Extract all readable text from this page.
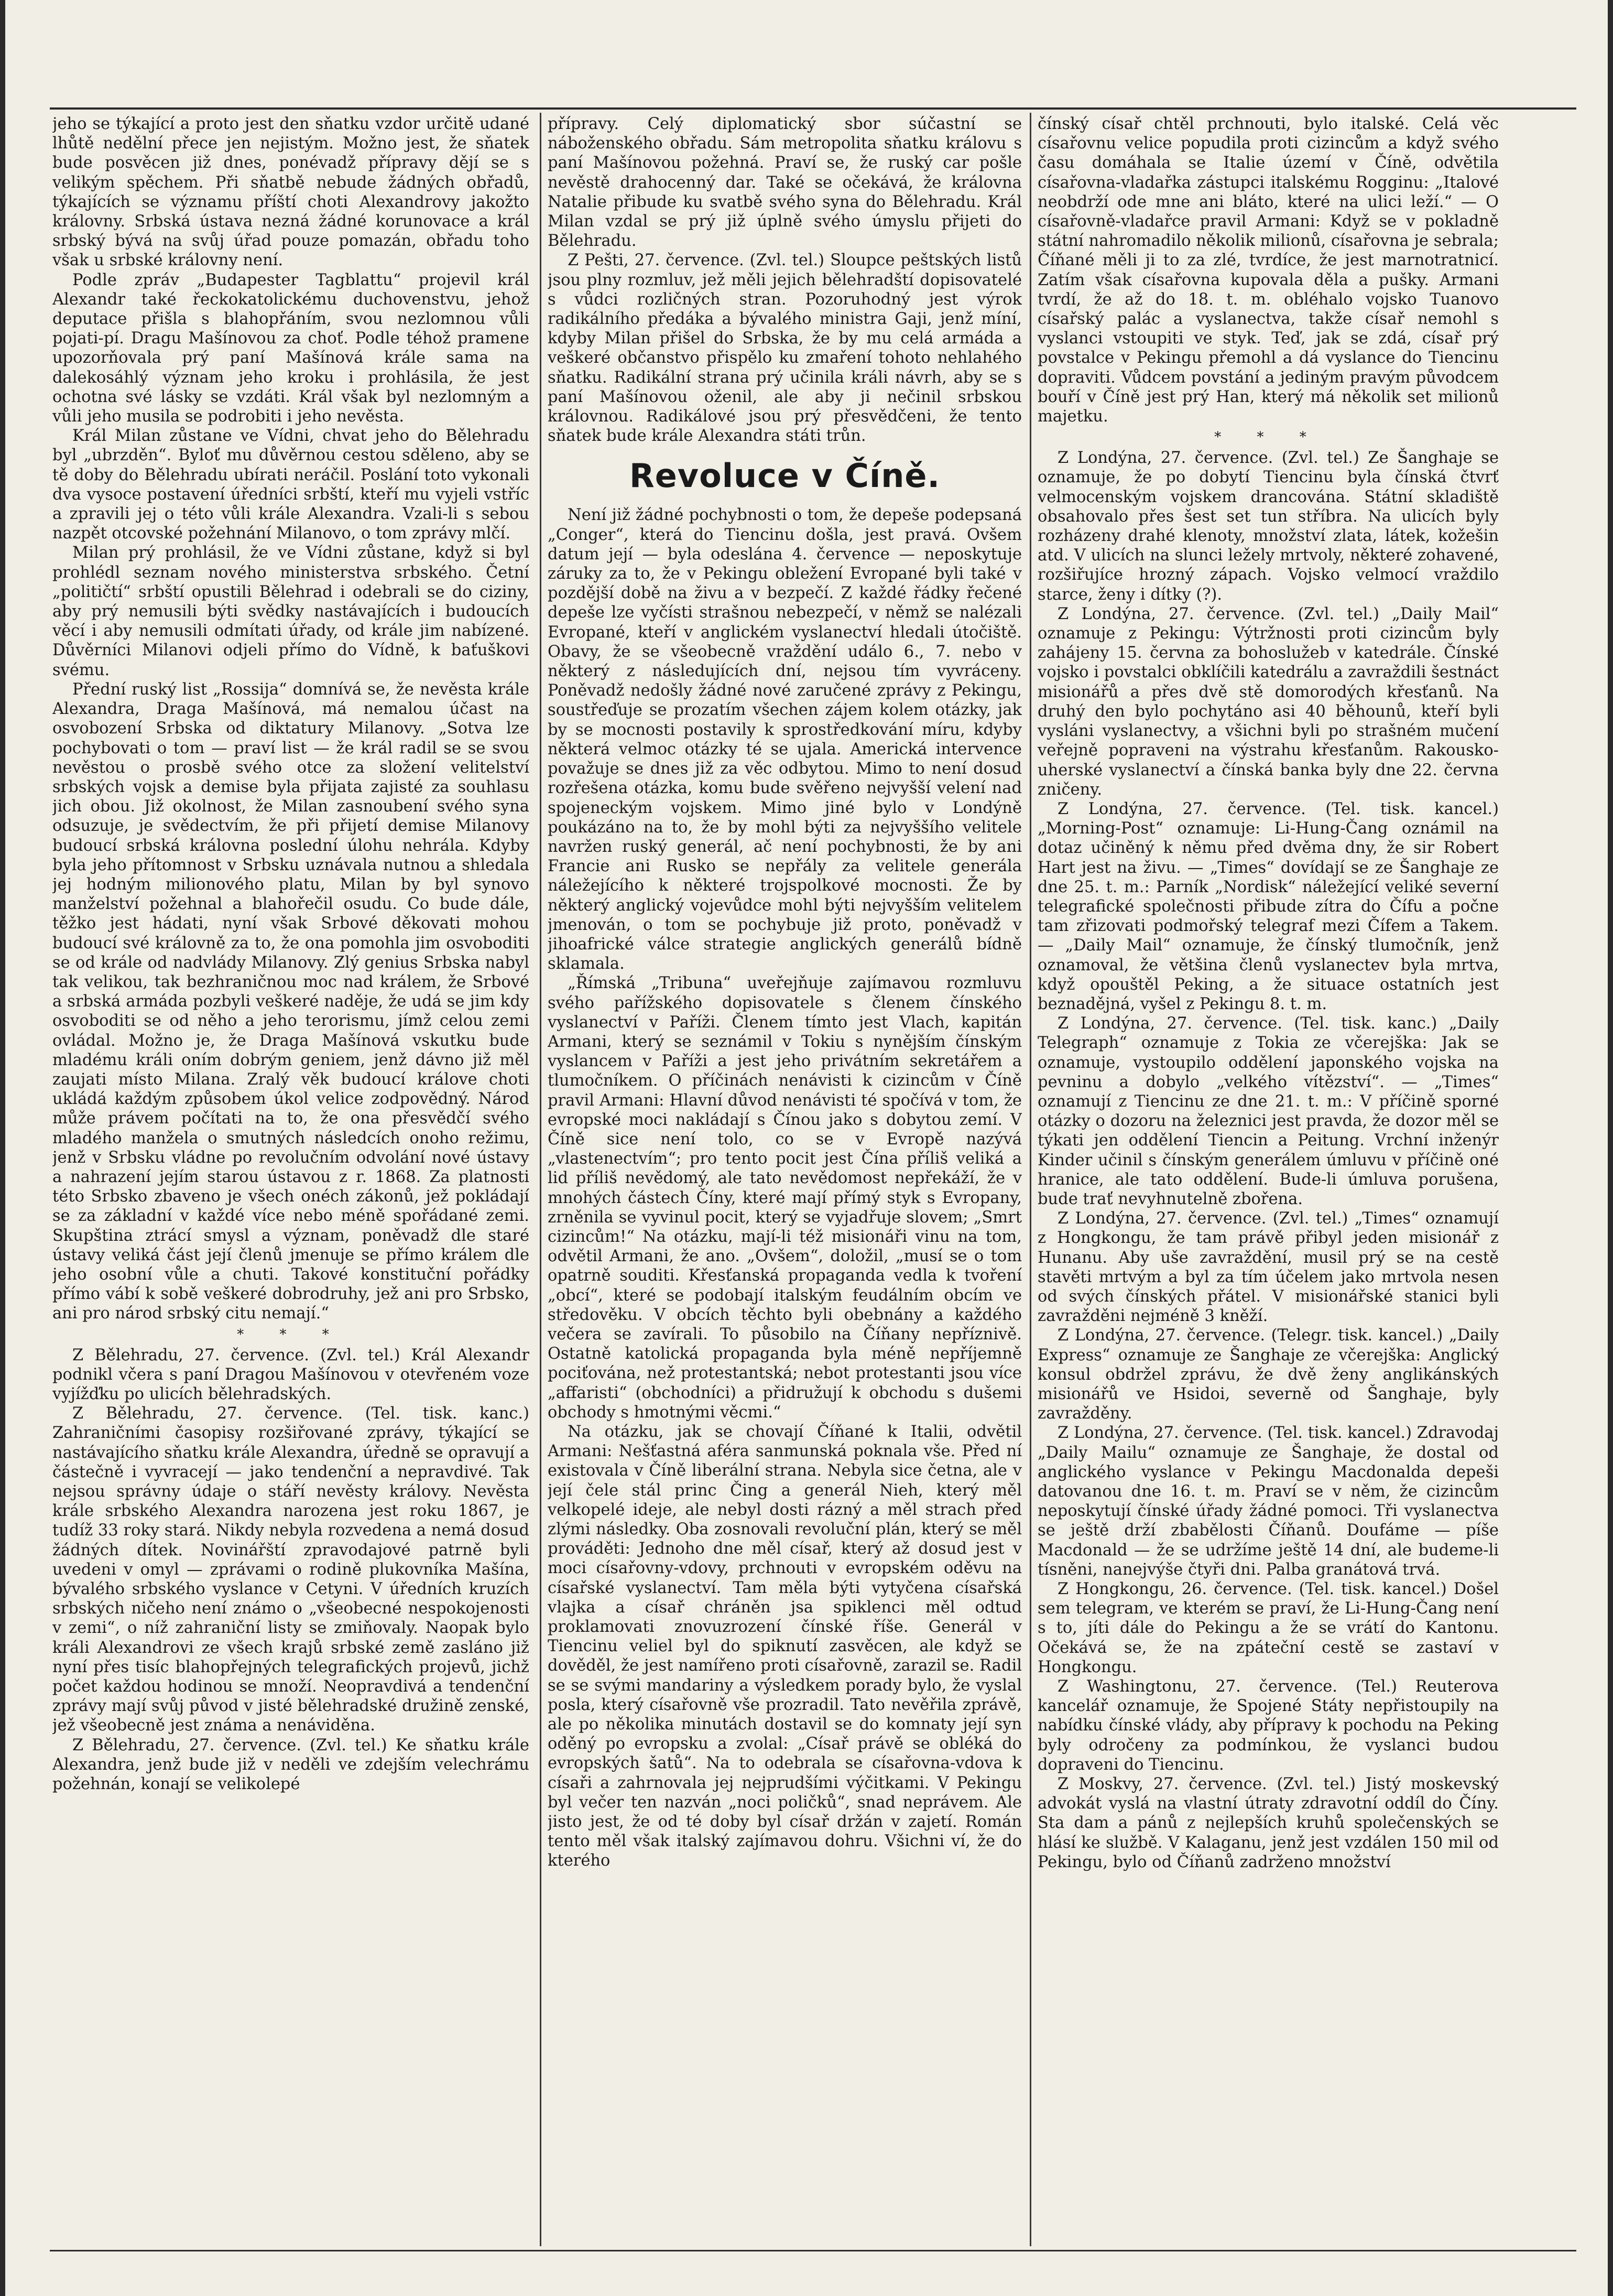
jeho se týkající a proto jest den sňatku vzdor určitě udané lhůtě nedělní přece jen nejistým. Možno jest, že sňatek bude posvěcen již dnes, ponévadž přípravy dějí se s velikým spěchem. Při sňatbě nebude žádných obřadů, týkajících se významu příští choti Alexandrovy jakožto královny. Srbská ústava nezná žádné korunovace a král srbský bývá na svůj úřad pouze pomazán, obřadu toho však u srbské královny není.

Podle zpráv „Budapester Tagblattu“ projevil král Alexandr také řeckokatolickému duchovenstvu, jehož deputace přišla s blahopřáním, svou nezlomnou vůli pojati-pí. Dragu Mašínovou za choť. Podle téhož pramene upozorňovala prý paní Mašínová krále sama na dalekosáhlý význam jeho kroku i prohlásila, že jest ochotna své lásky se vzdáti. Král však byl nezlomným a vůli jeho musila se podrobiti i jeho nevěsta.

Král Milan zůstane ve Vídni, chvat jeho do Bělehradu byl „ubrzděn“. Byloť mu důvěrnou cestou sděleno, aby se tě doby do Bělehradu ubírati neráčil. Poslání toto vykonali dva vysoce postavení úředníci srbští, kteří mu vyjeli vstříc a zpravili jej o této vůli krále Alexandra. Vzali-li s sebou nazpět otcovské požehnání Milanovo, o tom zprávy mlčí.

Milan prý prohlásil, že ve Vídni zůstane, když si byl prohlédl seznam nového ministerstva srbského. Četní „političtí“ srbští opustili Bělehrad i odebrali se do ciziny, aby prý nemusili býti svědky nastávajících i budoucích věcí i aby nemusili odmítati úřady, od krále jim nabízené. Důvěrníci Milanovi odjeli přímo do Vídně, k baťuškovi svému.

Přední ruský list „Rossija“ domnívá se, že nevěsta krále Alexandra, Draga Mašínová, má nemalou účast na osvobození Srbska od diktatury Milanovy. „Sotva lze pochybovati o tom — praví list — že král radil se se svou nevěstou o prosbě svého otce za složení velitelství srbských vojsk a demise byla přijata zajisté za souhlasu jich obou. Již okolnost, že Milan zasnoubení svého syna odsuzuje, je svědectvím, že při přijetí demise Milanovy budoucí srbská královna poslední úlohu nehrála. Kdyby byla jeho přítomnost v Srbsku uznávala nutnou a shledala jej hodným milionového platu, Milan by byl synovo manželství požehnal a blahořečil osudu. Co bude dále, těžko jest hádati, nyní však Srbové děkovati mohou budoucí své královně za to, že ona pomohla jim osvoboditi se od krále od nadvlády Milanovy. Zlý genius Srbska nabyl tak velikou, tak bezhraničnou moc nad králem, že Srbové a srbská armáda pozbyli veškeré naděje, že udá se jim kdy osvoboditi se od něho a jeho terorismu, jímž celou zemi ovládal. Možno je, že Draga Mašínová vskutku bude mladému králi oním dobrým geniem, jenž dávno již měl zaujati místo Milana. Zralý věk budoucí králove choti ukládá každým způsobem úkol velice zodpovědný. Národ může právem počítati na to, že ona přesvědčí svého mladého manžela o smutných následcích onoho režimu, jenž v Srbsku vládne po revolučním odvolání nové ústavy a nahrazení jejím starou ústavou z r. 1868. Za platnosti této Srbsko zbaveno je všech onéch zákonů, jež pokládají se za základní v každé více nebo méně spořádané zemi. Skupština ztrácí smysl a význam, poněvadž dle staré ústavy veliká část její členů jmenuje se přímo králem dle jeho osobní vůle a chuti. Takové konstituční pořádky přímo vábí k sobě veškeré dobrodruhy, jež ani pro Srbsko, ani pro národ srbský citu nemají.“

* * *

Z Bělehradu, 27. července. (Zvl. tel.) Král Alexandr podnikl včera s paní Dragou Mašínovou v otevřeném voze vyjížďku po ulicích bělehradských.

Z Bělehradu, 27. července. (Tel. tisk. kanc.) Zahraničními časopisy rozšiřované zprávy, týkající se nastávajícího sňatku krále Alexandra, úředně se opravují a částečně i vyvracejí — jako tendenční a nepravdivé. Tak nejsou správny údaje o stáří nevěsty královy. Nevěsta krále srbského Alexandra narozena jest roku 1867, je tudíž 33 roky stará. Nikdy nebyla rozvedena a nemá dosud žádných dítek. Novinářští zpravodajové patrně byli uvedeni v omyl — zprávami o rodině plukovníka Mašína, bývalého srbského vyslance v Cetyni. V úředních kruzích srbských ničeho není známo o „všeobecné nespokojenosti v zemi“, o níž zahraniční listy se zmiňovaly. Naopak bylo králi Alexandrovi ze všech krajů srbské země zasláno již nyní přes tisíc blahopřejných telegrafických projevů, jichž počet každou hodinou se množí. Neopravdivá a tendenční zprávy mají svůj původ v jisté bělehradské družině zenské, jež všeobecně jest známa a nenáviděna.

Z Bělehradu, 27. července. (Zvl. tel.) Ke sňatku krále Alexandra, jenž bude již v neděli ve zdejším velechrámu požehnán, konají se velikolepé

přípravy. Celý diplomatický sbor súčastní se náboženského obřadu. Sám metropolita sňatku královu s paní Mašínovou požehná. Praví se, že ruský car pošle nevěstě drahocenný dar. Také se očekává, že královna Natalie přibude ku svatbě svého syna do Bělehradu. Král Milan vzdal se prý již úplně svého úmyslu přijeti do Bělehradu.

Z Pešti, 27. července. (Zvl. tel.) Sloupce peštských listů jsou plny rozmluv, jež měli jejich bělehradští dopisovatelé s vůdci rozličných stran. Pozoruhodný jest výrok radikálního předáka a bývalého ministra Gaji, jenž míní, kdyby Milan přišel do Srbska, že by mu celá armáda a veškeré občanstvo přispělo ku zmaření tohoto nehlahého sňatku. Radikální strana prý učinila králi návrh, aby se s paní Mašínovou oženil, ale aby ji nečinil srbskou královnou. Radikálové jsou prý přesvědčeni, že tento sňatek bude krále Alexandra státi trůn.

Revoluce v Číně.

Není již žádné pochybnosti o tom, že depeše podepsaná „Conger“, která do Tiencinu došla, jest pravá. Ovšem datum její — byla odeslána 4. července — neposkytuje záruky za to, že v Pekingu obležení Evropané byli také v pozdější době na živu a v bezpečí. Z každé řádky řečené depeše lze vyčísti strašnou nebezpečí, v němž se nalézali Evropané, kteří v anglickém vyslanectví hledali útočiště. Obavy, že se všeobecně vraždění událo 6., 7. nebo v některý z následujících dní, nejsou tím vyvráceny. Poněvadž nedošly žádné nové zaručené zprávy z Pekingu, soustřeďuje se prozatím všechen zájem kolem otázky, jak by se mocnosti postavily k sprostředkování míru, kdyby některá velmoc otázky té se ujala. Americká intervence považuje se dnes již za věc odbytou. Mimo to není dosud rozřešena otázka, komu bude svěřeno nejvyšší velení nad spojeneckým vojskem. Mimo jiné bylo v Londýně poukázáno na to, že by mohl býti za nejvyššího velitele navržen ruský generál, ač není pochybnosti, že by ani Francie ani Rusko se nepřály za velitele generála náležejícího k některé trojspolkové mocnosti. Že by některý anglický vojevůdce mohl býti nejvyšším velitelem jmenován, o tom se pochybuje již proto, poněvadž v jihoafrické válce strategie anglických generálů bídně sklamala.

„Římská „Tribuna“ uveřejňuje zajímavou rozmluvu svého pařížského dopisovatele s členem čínského vyslanectví v Paříži. Členem tímto jest Vlach, kapitán Armani, který se seznámil v Tokiu s nynějším čínským vyslancem v Paříži a jest jeho privátním sekretářem a tlumočníkem. O příčinách nenávisti k cizincům v Číně pravil Armani: Hlavní důvod nenávisti té spočívá v tom, že evropské moci nakládají s Čínou jako s dobytou zemí. V Číně sice není tolo, co se v Evropě nazývá „vlastenectvím“; pro tento pocit jest Čína příliš veliká a lid příliš nevědomý, ale tato nevědomost nepřekáží, že v mnohých částech Číny, které mají přímý styk s Evropany, zrněnila se vyvinul pocit, který se vyjadřuje slovem; „Smrt cizincům!“ Na otázku, mají-li též misionáři vinu na tom, odvětil Armani, že ano. „Ovšem“, doložil, „musí se o tom opatrně souditi. Křesťanská propaganda vedla k tvoření „obcí“, které se podobají italským feudálním obcím ve středověku. V obcích těchto byli obebnány a každého večera se zavírali. To působilo na Číňany nepříznivě. Ostatně katolická propaganda byla méně nepříjemně pociťována, než protestantská; nebot protestanti jsou více „affaristi“ (obchodníci) a přidružují k obchodu s dušemi obchody s hmotnými věcmi.“

Na otázku, jak se chovají Číňané k Italii, odvětil Armani: Nešťastná aféra sanmunská poknala vše. Před ní existovala v Číně liberální strana. Nebyla sice četna, ale v její čele stál princ Čing a generál Nieh, který měl velkopelé ideje, ale nebyl dosti rázný a měl strach před zlými následky. Oba zosnovali revoluční plán, který se měl prováděti: Jednoho dne měl císař, který až dosud jest v moci císařovny-vdovy, prchnouti v evropském oděvu na císařské vyslanectví. Tam měla býti vytyčena císařská vlajka a císař chráněn jsa spiklenci měl odtud proklamovati znovuzrození čínské říše. Generál v Tiencinu veliel byl do spiknutí zasvěcen, ale když se dověděl, že jest namířeno proti císařovně, zarazil se. Radil se se svými mandariny a výsledkem porady bylo, že vyslal posla, který císařovně vše prozradil. Tato nevěřila zprávě, ale po několika minutách dostavil se do komnaty její syn oděný po evropsku a zvolal: „Císař právě se obléká do evropských šatů“. Na to odebrala se císařovna-vdova k císaři a zahrnovala jej nejprudšími výčitkami. V Pekingu byl večer ten nazván „noci poličků“, snad neprávem. Ale jisto jest, že od té doby byl císař držán v zajetí. Román tento měl však italský zajímavou dohru. Všichni ví, že do kterého

čínský císař chtěl prchnouti, bylo italské. Celá věc císařovnu velice popudila proti cizincům a když svého času domáhala se Italie území v Číně, odvětila císařovna-vladařka zástupci italskému Rogginu: „Italové neobdrží ode mne ani bláto, které na ulici leží.“ — O císařovně-vladařce pravil Armani: Když se v pokladně státní nahromadilo několik milionů, císařovna je sebrala; Číňané měli ji to za zlé, tvrdíce, že jest marnotratnicí. Zatím však císařovna kupovala děla a pušky. Armani tvrdí, že až do 18. t. m. obléhalo vojsko Tuanovo císařský palác a vyslanectva, takže císař nemohl s vyslanci vstoupiti ve styk. Teď, jak se zdá, císař prý povstalce v Pekingu přemohl a dá vyslance do Tiencinu dopraviti. Vůdcem povstání a jediným pravým původcem bouří v Číně jest prý Han, který má několik set milionů majetku.

* * *

Z Londýna, 27. července. (Zvl. tel.) Ze Šanghaje se oznamuje, že po dobytí Tiencinu byla čínská čtvrť velmocenským vojskem drancována. Státní skladiště obsahovalo přes šest set tun stříbra. Na ulicích byly rozházeny drahé klenoty, množství zlata, látek, kožešin atd. V ulicích na slunci ležely mrtvoly, některé zohavené, rozšiřujíce hrozný zápach. Vojsko velmocí vraždilo starce, ženy i dítky (?).

Z Londýna, 27. července. (Zvl. tel.) „Daily Mail“ oznamuje z Pekingu: Výtržnosti proti cizincům byly zahájeny 15. června za bohoslužeb v katedrále. Čínské vojsko i povstalci obklíčili katedrálu a zavraždili šestnáct misionářů a přes dvě stě domorodých křesťanů. Na druhý den bylo pochytáno asi 40 běhounů, kteří byli vysláni vyslanectvy, a všichni byli po strašném mučení veřejně popraveni na výstrahu křesťanům. Rakousko-uherské vyslanectví a čínská banka byly dne 22. června zničeny.

Z Londýna, 27. července. (Tel. tisk. kancel.) „Morning-Post“ oznamuje: Li-Hung-Čang oznámil na dotaz učiněný k němu před dvěma dny, že sir Robert Hart jest na živu. — „Times“ dovídají se ze Šanghaje ze dne 25. t. m.: Parník „Nordisk“ náležející veliké severní telegrafické společnosti přibude zítra do Čífu a počne tam zřizovati podmořský telegraf mezi Čífem a Takem. — „Daily Mail“ oznamuje, že čínský tlumočník, jenž oznamoval, že většina členů vyslanectev byla mrtva, když opouštěl Peking, a že situace ostatních jest beznadějná, vyšel z Pekingu 8. t. m.

Z Londýna, 27. července. (Tel. tisk. kanc.) „Daily Telegraph“ oznamuje z Tokia ze včerejška: Jak se oznamuje, vystoupilo oddělení japonského vojska na pevninu a dobylo „velkého vítězství“. — „Times“ oznamují z Tiencinu ze dne 21. t. m.: V příčině sporné otázky o dozoru na železnici jest pravda, že dozor měl se týkati jen oddělení Tiencin a Peitung. Vrchní inženýr Kinder učinil s čínským generálem úmluvu v příčině oné hranice, ale tato oddělení. Bude-li úmluva porušena, bude trať nevyhnutelně zbořena.

Z Londýna, 27. července. (Zvl. tel.) „Times“ oznamují z Hongkongu, že tam právě přibyl jeden misionář z Hunanu. Aby uše zavraždění, musil prý se na cestě stavěti mrtvým a byl za tím účelem jako mrtvola nesen od svých čínských přátel. V misionářské stanici byli zavražděni nejméně 3 kněží.

Z Londýna, 27. července. (Telegr. tisk. kancel.) „Daily Express“ oznamuje ze Šanghaje ze včerejška: Anglický konsul obdržel zprávu, že dvě ženy anglikánských misionářů ve Hsidoi, severně od Šanghaje, byly zavražděny.

Z Londýna, 27. července. (Tel. tisk. kancel.) Zdravodaj „Daily Mailu“ oznamuje ze Šanghaje, že dostal od anglického vyslance v Pekingu Macdonalda depeši datovanou dne 16. t. m. Praví se v něm, že cizincům neposkytují čínské úřady žádné pomoci. Tři vyslanectva se ještě drží zbabělosti Číňanů. Doufáme — píše Macdonald — že se udržíme ještě 14 dní, ale budeme-li tísněni, nanejvýše čtyři dni. Palba granátová trvá.

Z Hongkongu, 26. července. (Tel. tisk. kancel.) Došel sem telegram, ve kterém se praví, že Li-Hung-Čang není s to, jíti dále do Pekingu a že se vrátí do Kantonu. Očekává se, že na zpáteční cestě se zastaví v Hongkongu.

Z Washingtonu, 27. července. (Tel.) Reuterova kancelář oznamuje, že Spojené Státy nepřistoupily na nabídku čínské vlády, aby přípravy k pochodu na Peking byly odročeny za podmínkou, že vyslanci budou dopraveni do Tiencinu.

Z Moskvy, 27. července. (Zvl. tel.) Jistý moskevský advokát vyslá na vlastní útraty zdravotní oddíl do Číny. Sta dam a pánů z nejlepších kruhů společenských se hlásí ke službě. V Kalaganu, jenž jest vzdálen 150 mil od Pekingu, bylo od Číňanů zadrženo množství
